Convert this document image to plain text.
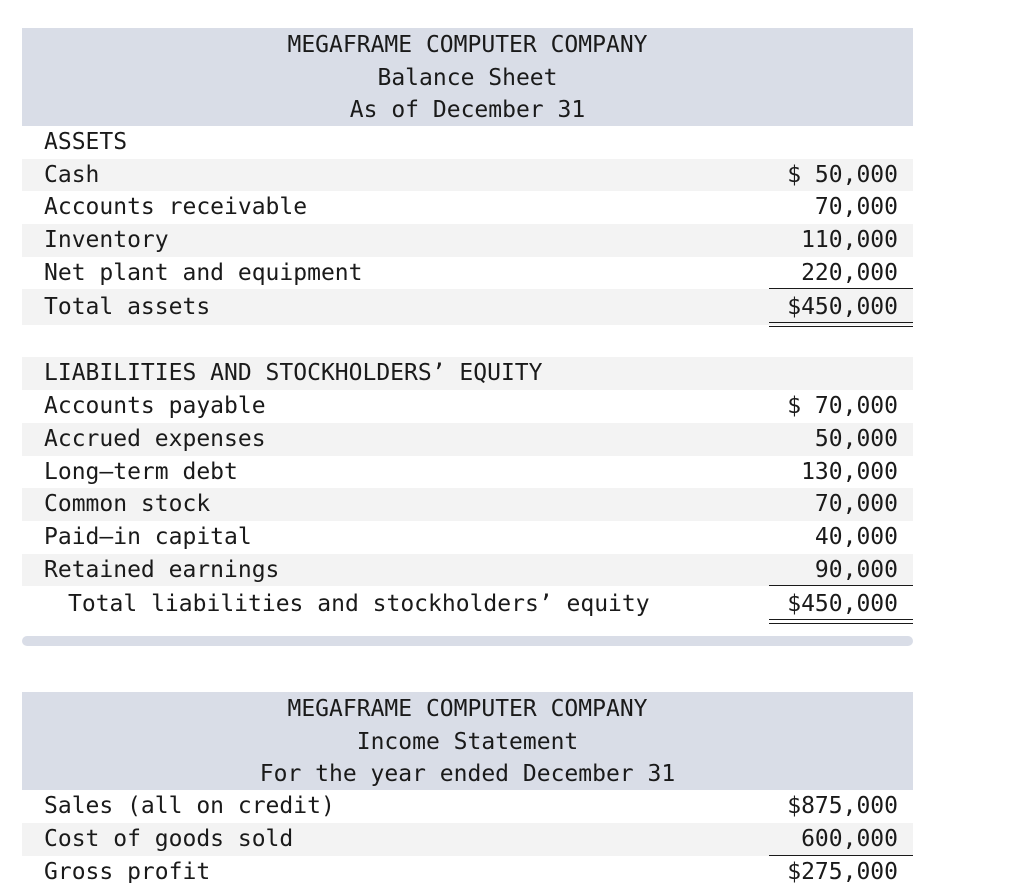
MEGAFRAME COMPUTER COMPANY
Balance Sheet
As of December 31
ASSETS
Cash	$ 50,000
Accounts receivable	70,000
Inventory	110,000
Net plant and equipment	220,000
Total assets	$450,000
LIABILITIES AND STOCKHOLDERS’ EQUITY
Accounts payable	$ 70,000
Accrued expenses	50,000
Long–term debt	130,000
Common stock	70,000
Paid–in capital	40,000
Retained earnings	90,000
Total liabilities and stockholders’ equity	$450,000
MEGAFRAME COMPUTER COMPANY
Income Statement
For the year ended December 31
Sales (all on credit)	$875,000
Cost of goods sold	600,000
Gross profit	$275,000
